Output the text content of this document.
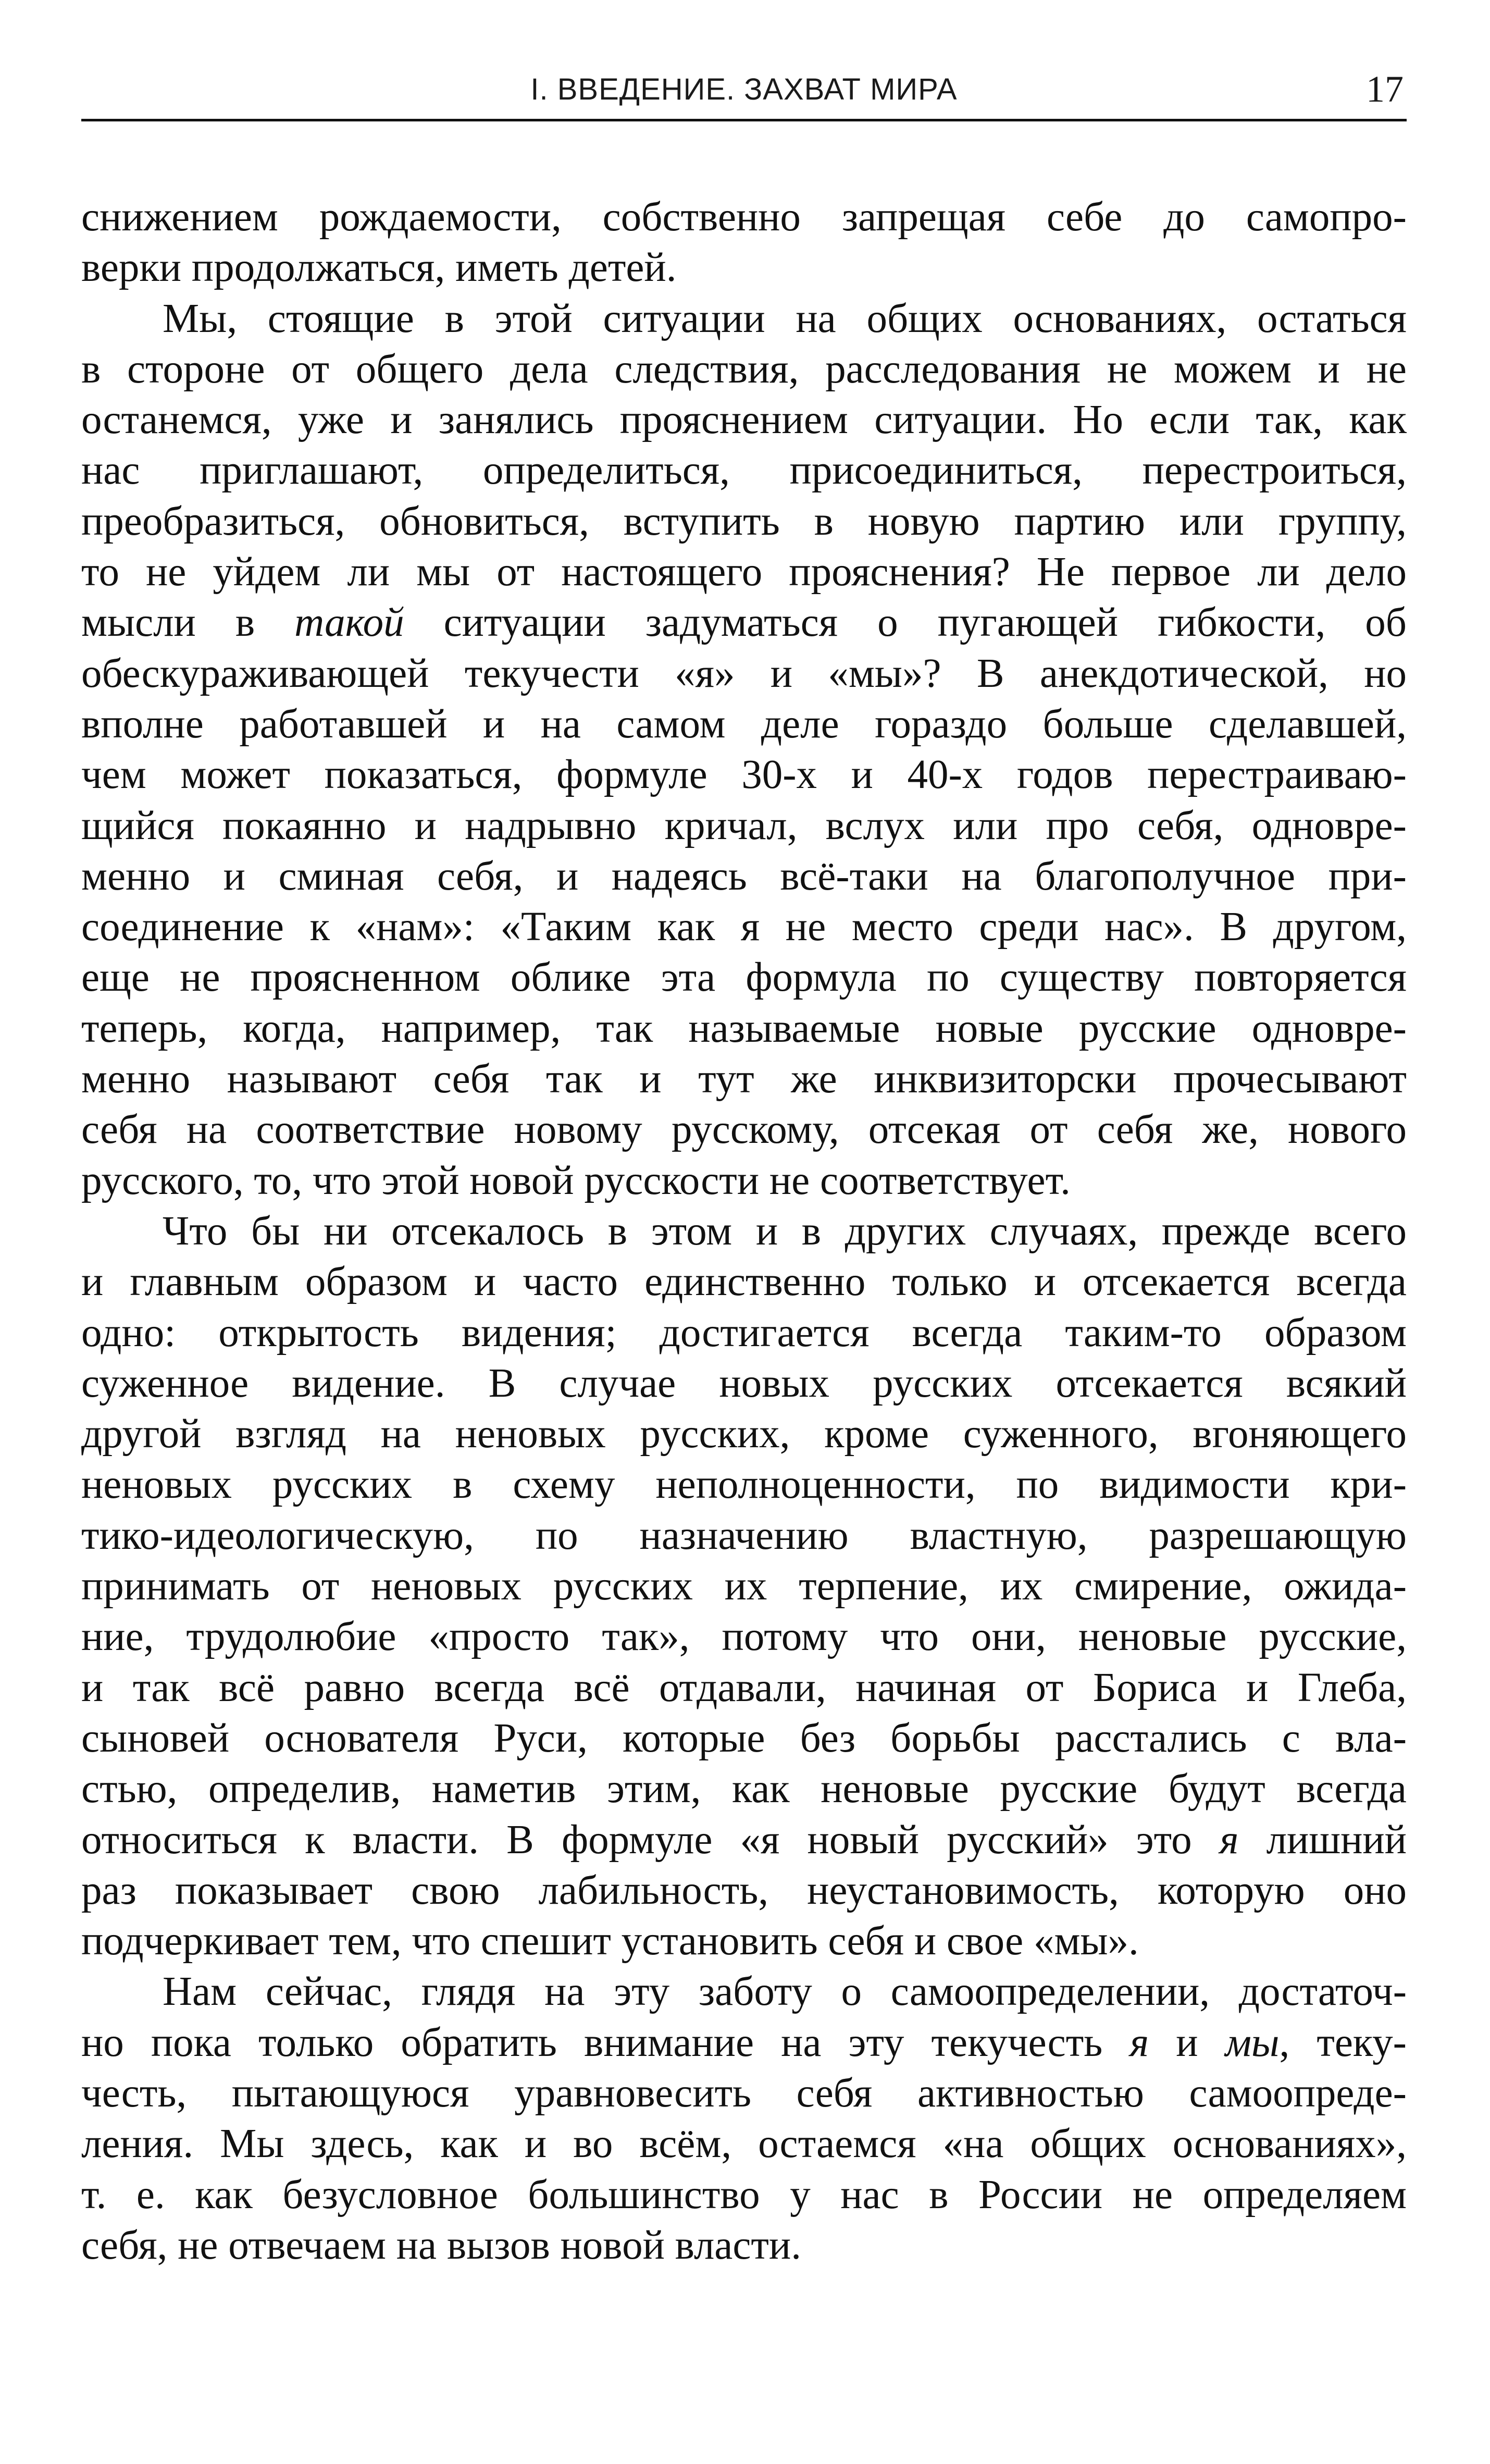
I. ВВЕДЕНИЕ. ЗАХВАТ МИРА	17

снижением рождаемости, собственно запрещая себе до самопро-
верки продолжаться, иметь детей.

Мы, стоящие в этой ситуации на общих основаниях, остаться
в стороне от общего дела следствия, расследования не можем и не
останемся, уже и занялись прояснением ситуации. Но если так, как
нас приглашают, определиться, присоединиться, перестроиться,
преобразиться, обновиться, вступить в новую партию или группу,
то не уйдем ли мы от настоящего прояснения? Не первое ли дело
мысли в такой ситуации задуматься о пугающей гибкости, об
обескураживающей текучести «я» и «мы»? В анекдотической, но
вполне работавшей и на самом деле гораздо больше сделавшей,
чем может показаться, формуле 30-х и 40-х годов перестраиваю-
щийся покаянно и надрывно кричал, вслух или про себя, одновре-
менно и сминая себя, и надеясь всё-таки на благополучное при-
соединение к «нам»: «Таким как я не место среди нас». В другом,
еще не проясненном облике эта формула по существу повторяется
теперь, когда, например, так называемые новые русские одновре-
менно называют себя так и тут же инквизиторски прочесывают
себя на соответствие новому русскому, отсекая от себя же, нового
русского, то, что этой новой русскости не соответствует.

Что бы ни отсекалось в этом и в других случаях, прежде всего
и главным образом и часто единственно только и отсекается всегда
одно: открытость видения; достигается всегда таким-то образом
суженное видение. В случае новых русских отсекается всякий
другой взгляд на неновых русских, кроме суженного, вгоняющего
неновых русских в схему неполноценности, по видимости кри-
тико-идеологическую, по назначению властную, разрешающую
принимать от неновых русских их терпение, их смирение, ожида-
ние, трудолюбие «просто так», потому что они, неновые русские,
и так всё равно всегда всё отдавали, начиная от Бориса и Глеба,
сыновей основателя Руси, которые без борьбы расстались с вла-
стью, определив, наметив этим, как неновые русские будут всегда
относиться к власти. В формуле «я новый русский» это я лишний
раз показывает свою лабильность, неустановимость, которую оно
подчеркивает тем, что спешит установить себя и свое «мы».

Нам сейчас, глядя на эту заботу о самоопределении, достаточ-
но пока только обратить внимание на эту текучесть я и мы, теку-
честь, пытающуюся уравновесить себя активностью самоопреде-
ления. Мы здесь, как и во всём, остаемся «на общих основаниях»,
т. е. как безусловное большинство у нас в России не определяем
себя, не отвечаем на вызов новой власти.
